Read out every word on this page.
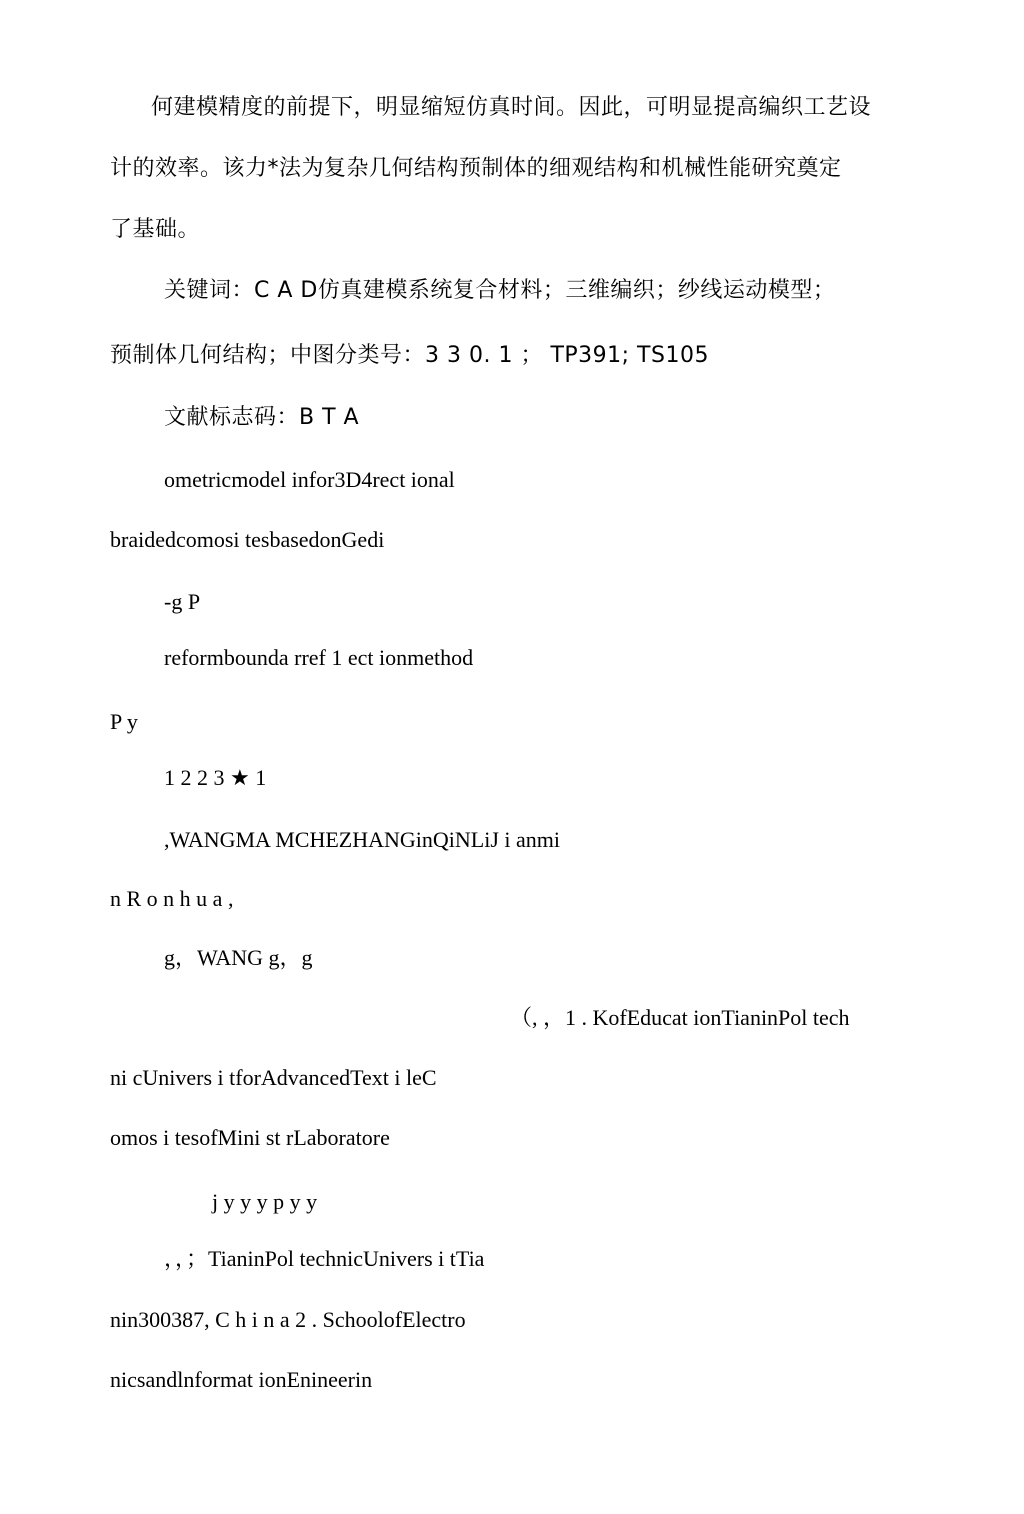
何建模精度的前提下，明显缩短仿真时间。因此，可明显提高编织工艺设
计的效率。该力*法为复杂几何结构预制体的细观结构和机械性能研究奠定
了基础。
关键词：C A D仿真建模系统复合材料；三维编织；纱线运动模型；
预制体几何结构；中图分类号：3 3 0. 1 ； TP391; TS105
文献标志码：B T A
ometricmodel infor3D4rect ional
braidedcomosi tesbasedonGedi
-g P
reformbounda rref 1 ect ionmethod
P y
1 2 2 3 ★ 1
,WANGMA MCHEZHANGinQiNLiJ i anmi
n R o n h u a ,
g，WANG g，g
（, ，1 . KofEducat ionTianinPol tech
ni cUnivers i tforAdvancedText i leC
omos i tesofMini st rLaboratore
j y y y p y y
，，；TianinPol technicUnivers i tTia
nin300387, C h i n a 2 . SchoolofElectro
nicsandlnformat ionEnineerin
